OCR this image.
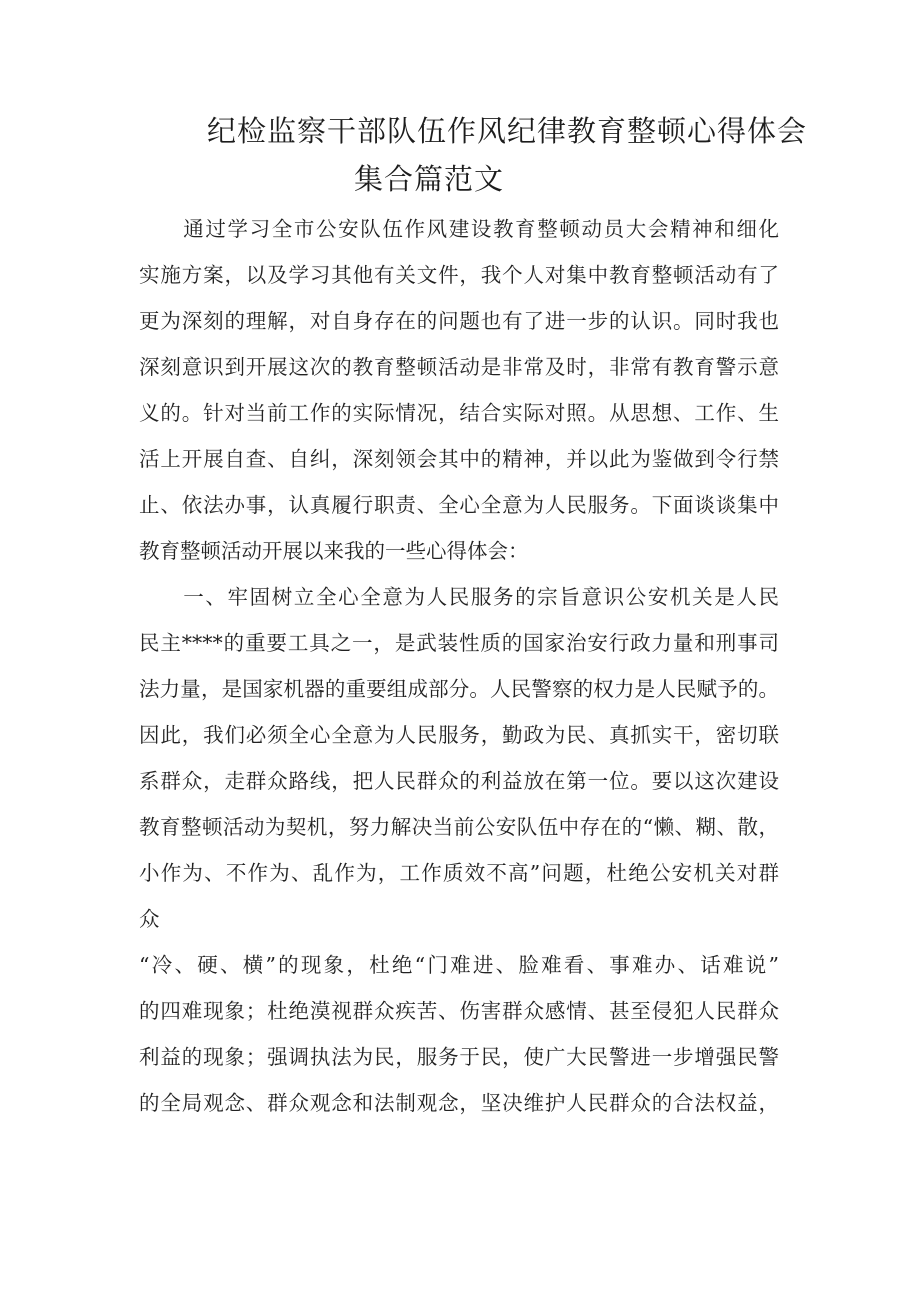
纪检监察干部队伍作风纪律教育整顿心得体会
集合篇范文
　　通过学习全市公安队伍作风建设教育整顿动员大会精神和细化
实施方案，以及学习其他有关文件，我个人对集中教育整顿活动有了
更为深刻的理解，对自身存在的问题也有了进一步的认识。同时我也
深刻意识到开展这次的教育整顿活动是非常及时，非常有教育警示意
义的。针对当前工作的实际情况，结合实际对照。从思想、工作、生
活上开展自查、自纠，深刻领会其中的精神，并以此为鉴做到令行禁
止、依法办事，认真履行职责、全心全意为人民服务。下面谈谈集中
教育整顿活动开展以来我的一些心得体会：
　　一、牢固树立全心全意为人民服务的宗旨意识公安机关是人民
民主****的重要工具之一，是武装性质的国家治安行政力量和刑事司
法力量，是国家机器的重要组成部分。人民警察的权力是人民赋予的。
因此，我们必须全心全意为人民服务，勤政为民、真抓实干，密切联
系群众，走群众路线，把人民群众的利益放在第一位。要以这次建设
教育整顿活动为契机，努力解决当前公安队伍中存在的“懒、糊、散，
小作为、不作为、乱作为，工作质效不高”问题，杜绝公安机关对群
众
“冷、硬、横”的现象，杜绝“门难进、脸难看、事难办、话难说”
的四难现象；杜绝漠视群众疾苦、伤害群众感情、甚至侵犯人民群众
利益的现象；强调执法为民，服务于民，使广大民警进一步增强民警
的全局观念、群众观念和法制观念，坚决维护人民群众的合法权益，
